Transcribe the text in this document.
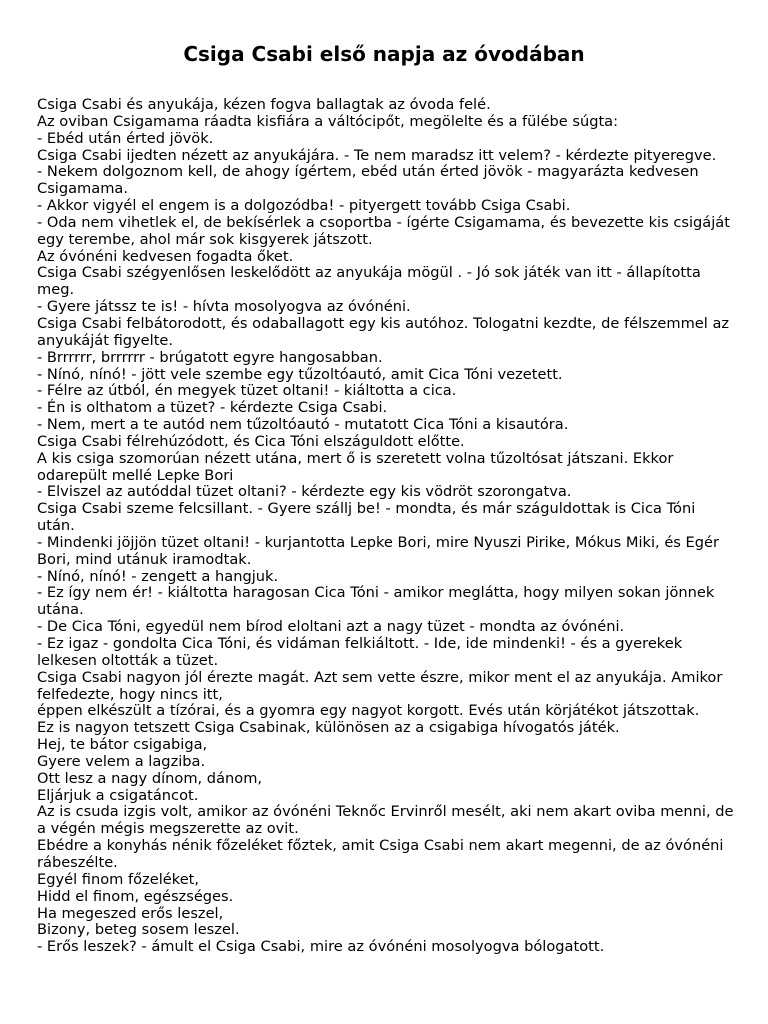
Csiga Csabi első napja az óvodában

Csiga Csabi és anyukája, kézen fogva ballagtak az óvoda felé.

Az oviban Csigamama ráadta kisfiára a váltócipőt, megölelte és a fülébe súgta:

- Ebéd után érted jövök.

Csiga Csabi ijedten nézett az anyukájára. - Te nem maradsz itt velem? - kérdezte pityeregve.

- Nekem dolgoznom kell, de ahogy ígértem, ebéd után érted jövök - magyarázta kedvesen Csigamama.

- Akkor vigyél el engem is a dolgozódba! - pityergett tovább Csiga Csabi.

- Oda nem vihetlek el, de bekísérlek a csoportba - ígérte Csigamama, és bevezette kis csigáját egy terembe, ahol már sok kisgyerek játszott.

Az óvónéni kedvesen fogadta őket.

Csiga Csabi szégyenlősen leskelődött az anyukája mögül . - Jó sok játék van itt - állapította meg.

- Gyere játssz te is! - hívta mosolyogva az óvónéni.

Csiga Csabi felbátorodott, és odaballagott egy kis autóhoz. Tologatni kezdte, de félszemmel az anyukáját figyelte.

- Brrrrrr, brrrrrr - brúgatott egyre hangosabban.

- Nínó, nínó! - jött vele szembe egy tűzoltóautó, amit Cica Tóni vezetett.

- Félre az útból, én megyek tüzet oltani! - kiáltotta a cica.

- Én is olthatom a tüzet? - kérdezte Csiga Csabi.

- Nem, mert a te autód nem tűzoltóautó - mutatott Cica Tóni a kisautóra.

Csiga Csabi félrehúzódott, és Cica Tóni elszáguldott előtte.

A kis csiga szomorúan nézett utána, mert ő is szeretett volna tűzoltósat játszani. Ekkor odarepült mellé Lepke Bori

- Elviszel az autóddal tüzet oltani? - kérdezte egy kis vödröt szorongatva.

Csiga Csabi szeme felcsillant. - Gyere szállj be! - mondta, és már száguldottak is Cica Tóni után.

- Mindenki jöjjön tüzet oltani! - kurjantotta Lepke Bori, mire Nyuszi Pirike, Mókus Miki, és Egér Bori, mind utánuk iramodtak.

- Nínó, nínó! - zengett a hangjuk.

- Ez így nem ér! - kiáltotta haragosan Cica Tóni - amikor meglátta, hogy milyen sokan jönnek utána.

- De Cica Tóni, egyedül nem bírod eloltani azt a nagy tüzet - mondta az óvónéni.

- Ez igaz - gondolta Cica Tóni, és vidáman felkiáltott. - Ide, ide mindenki! - és a gyerekek lelkesen oltották a tüzet.

Csiga Csabi nagyon jól érezte magát. Azt sem vette észre, mikor ment el az anyukája. Amikor felfedezte, hogy nincs itt,

éppen elkészült a tízórai, és a gyomra egy nagyot korgott. Evés után körjátékot játszottak.

Ez is nagyon tetszett Csiga Csabinak, különösen az a csigabiga hívogatós játék.

Hej, te bátor csigabiga,

Gyere velem a lagziba.

Ott lesz a nagy dínom, dánom,

Eljárjuk a csigatáncot.

Az is csuda izgis volt, amikor az óvónéni Teknőc Ervinről mesélt, aki nem akart oviba menni, de a végén mégis megszerette az ovit.

Ebédre a konyhás nénik főzeléket főztek, amit Csiga Csabi nem akart megenni, de az óvónéni rábeszélte.

Egyél finom főzeléket,

Hidd el finom, egészséges.

Ha megeszed erős leszel,

Bizony, beteg sosem leszel.

- Erős leszek? - ámult el Csiga Csabi, mire az óvónéni mosolyogva bólogatott.
